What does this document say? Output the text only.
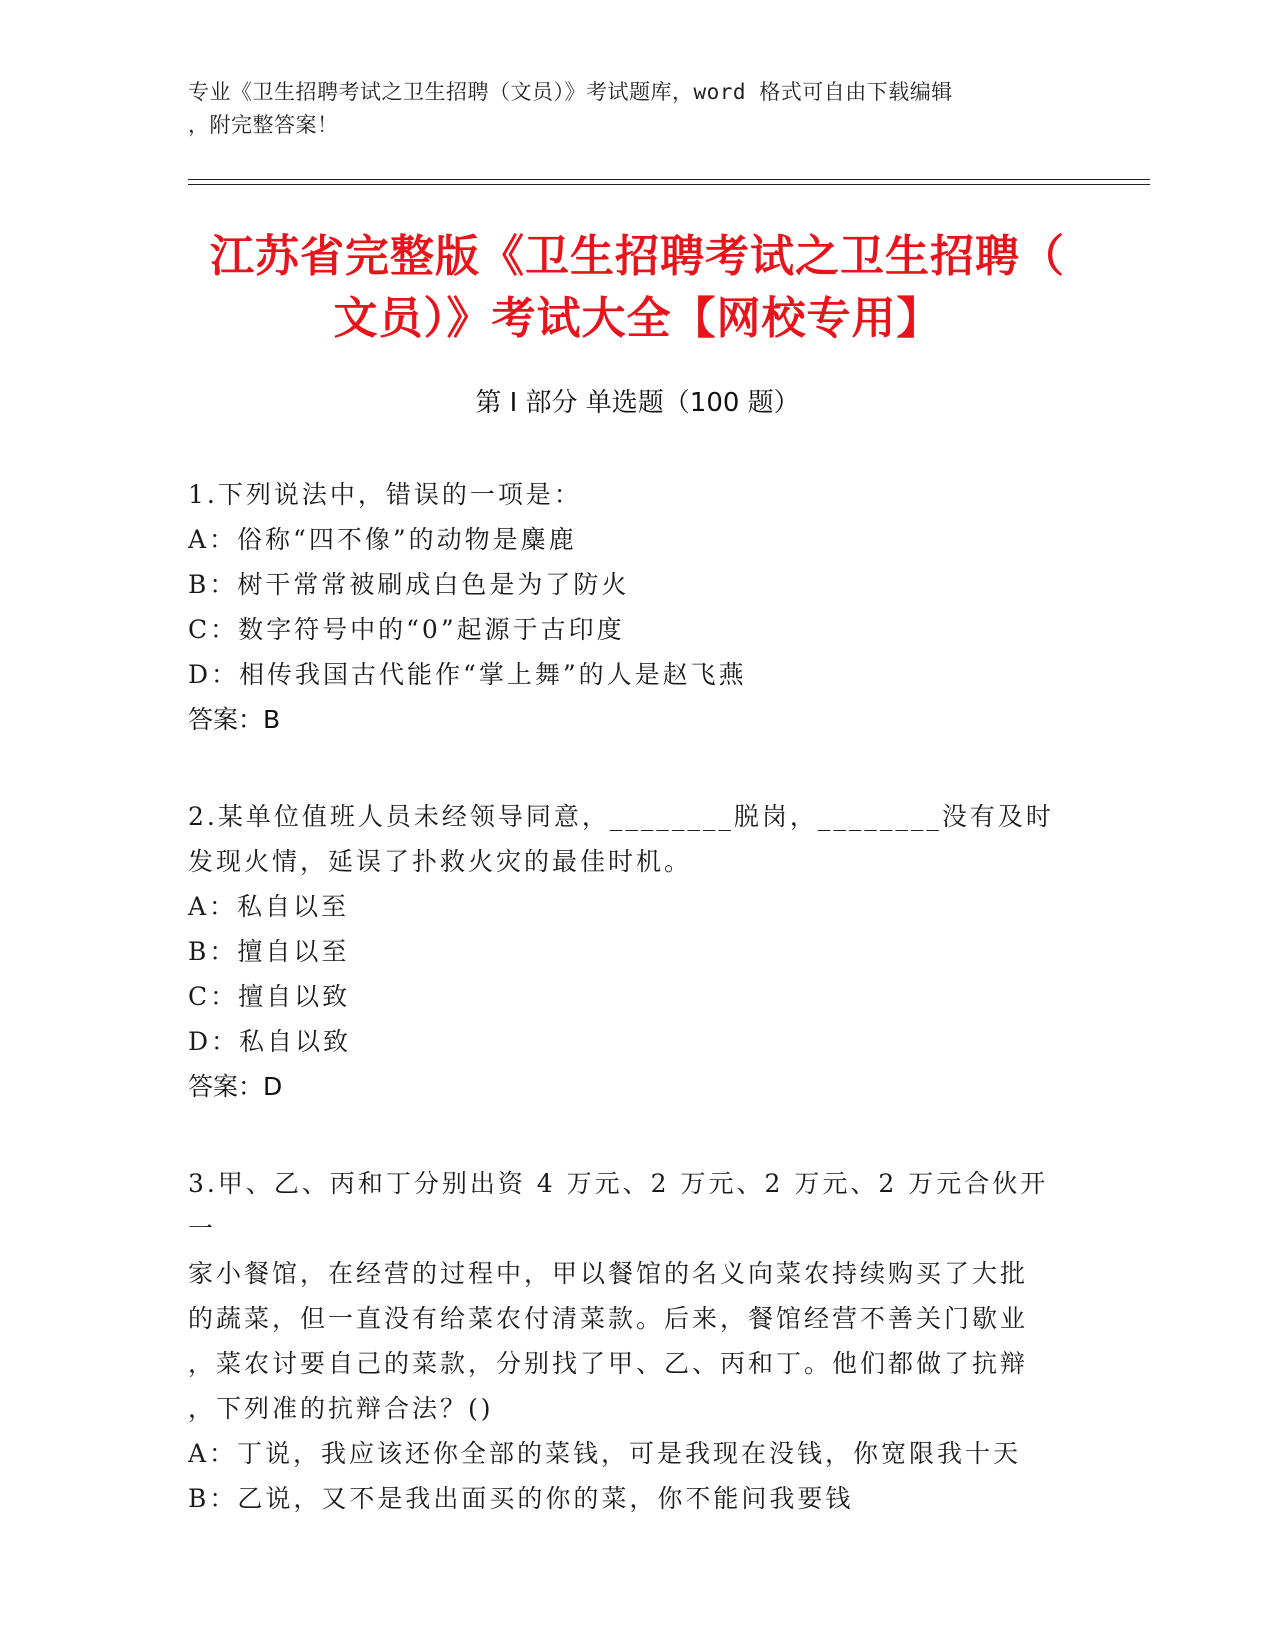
专业《卫生招聘考试之卫生招聘（文员）》考试题库，word 格式可自由下载编辑
，附完整答案！
江苏省完整版《卫生招聘考试之卫生招聘（
文员）》考试大全【网校专用】
第 I 部分 单选题（100 题）
1.下列说法中，错误的一项是：
A：俗称“四不像”的动物是麋鹿
B：树干常常被刷成白色是为了防火
C：数字符号中的“0”起源于古印度
D：相传我国古代能作“掌上舞”的人是赵飞燕
答案：B
2.某单位值班人员未经领导同意，________脱岗，________没有及时
发现火情，延误了扑救火灾的最佳时机。
A：私自以至
B：擅自以至
C：擅自以致
D：私自以致
答案：D
3.甲、乙、丙和丁分别出资 4 万元、2 万元、2 万元、2 万元合伙开一
家小餐馆，在经营的过程中，甲以餐馆的名义向菜农持续购买了大批
的蔬菜，但一直没有给菜农付清菜款。后来，餐馆经营不善关门歇业
，菜农讨要自己的菜款，分别找了甲、乙、丙和丁。他们都做了抗辩
，下列准的抗辩合法？()
A：丁说，我应该还你全部的菜钱，可是我现在没钱，你宽限我十天
B：乙说，又不是我出面买的你的菜，你不能问我要钱
